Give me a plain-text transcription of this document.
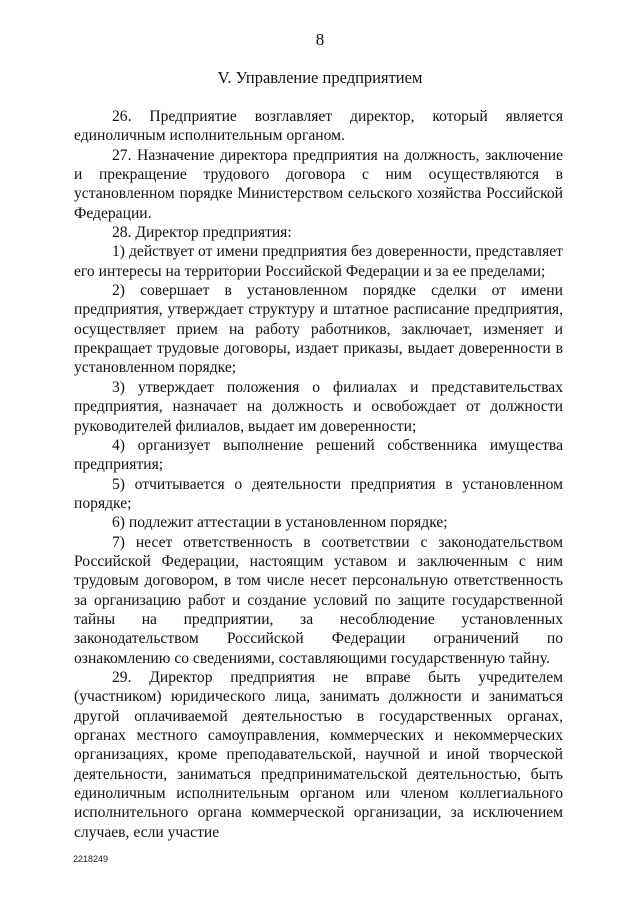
8
V. Управление предприятием

26. Предприятие возглавляет директор, который является единоличным исполнительным органом.

27. Назначение директора предприятия на должность, заключение и прекращение трудового договора с ним осуществляются в установленном порядке Министерством сельского хозяйства Российской Федерации.

28. Директор предприятия:

1) действует от имени предприятия без доверенности, представляет его интересы на территории Российской Федерации и за ее пределами;

2) совершает в установленном порядке сделки от имени предприятия, утверждает структуру и штатное расписание предприятия, осуществляет прием на работу работников, заключает, изменяет и прекращает трудовые договоры, издает приказы, выдает доверенности в установленном порядке;

3) утверждает положения о филиалах и представительствах предприятия, назначает на должность и освобождает от должности руководителей филиалов, выдает им доверенности;

4) организует выполнение решений собственника имущества предприятия;

5) отчитывается о деятельности предприятия в установленном порядке;

6) подлежит аттестации в установленном порядке;

7) несет ответственность в соответствии с законодательством Российской Федерации, настоящим уставом и заключенным с ним трудовым договором, в том числе несет персональную ответственность за организацию работ и создание условий по защите государственной тайны на предприятии, за несоблюдение установленных законодательством Российской Федерации ограничений по ознакомлению со сведениями, составляющими государственную тайну.

29. Директор предприятия не вправе быть учредителем (участником) юридического лица, занимать должности и заниматься другой оплачиваемой деятельностью в государственных органах, органах местного самоуправления, коммерческих и некоммерческих организациях, кроме преподавательской, научной и иной творческой деятельности, заниматься предпринимательской деятельностью, быть единоличным исполнительным органом или членом коллегиального исполнительного органа коммерческой организации, за исключением случаев, если участие

2218249
